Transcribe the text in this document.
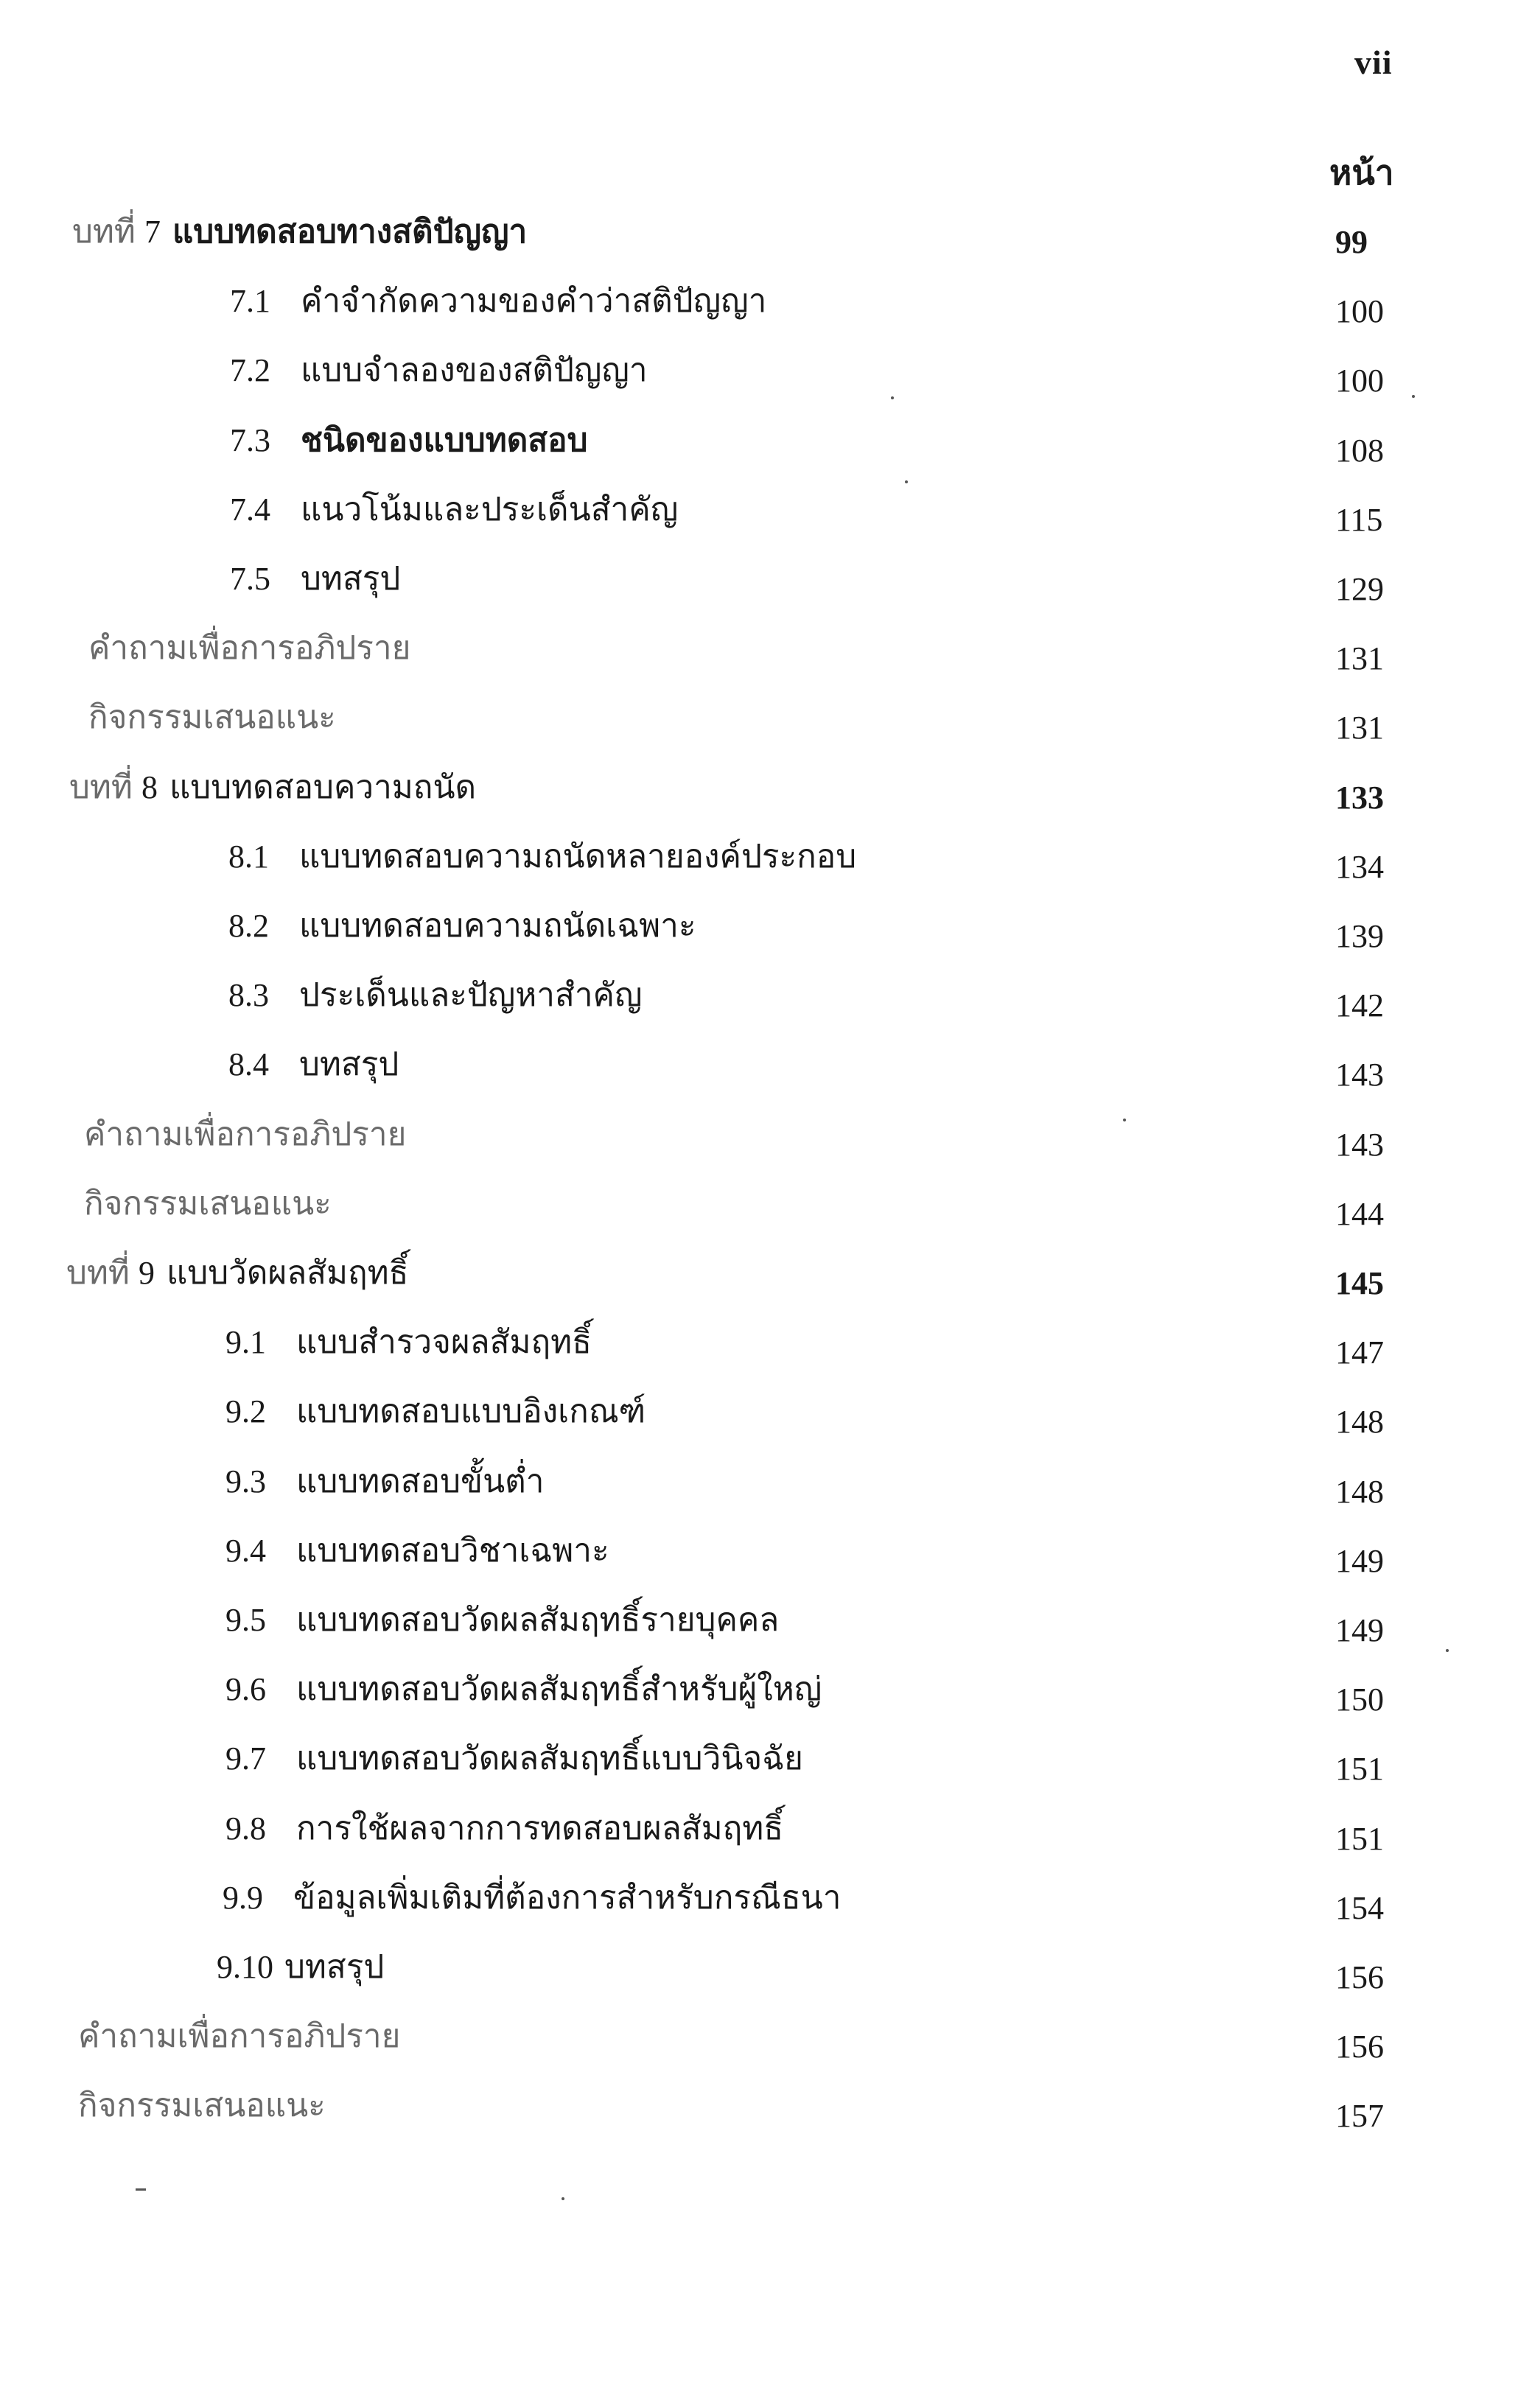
vii
หน้า
บทที่ 7 แบบทดสอบทางสติปัญญา	99
7.1 คำจำกัดความของคำว่าสติปัญญา	100
7.2 แบบจำลองของสติปัญญา	100
7.3 ชนิดของแบบทดสอบ	108
7.4 แนวโน้มและประเด็นสำคัญ	115
7.5 บทสรุป	129
คำถามเพื่อการอภิปราย	131
กิจกรรมเสนอแนะ	131
บทที่ 8 แบบทดสอบความถนัด	133
8.1 แบบทดสอบความถนัดหลายองค์ประกอบ	134
8.2 แบบทดสอบความถนัดเฉพาะ	139
8.3 ประเด็นและปัญหาสำคัญ	142
8.4 บทสรุป	143
คำถามเพื่อการอภิปราย	143
กิจกรรมเสนอแนะ	144
บทที่ 9 แบบวัดผลสัมฤทธิ์	145
9.1 แบบสำรวจผลสัมฤทธิ์	147
9.2 แบบทดสอบแบบอิงเกณฑ์	148
9.3 แบบทดสอบขั้นต่ำ	148
9.4 แบบทดสอบวิชาเฉพาะ	149
9.5 แบบทดสอบวัดผลสัมฤทธิ์รายบุคคล	149
9.6 แบบทดสอบวัดผลสัมฤทธิ์สำหรับผู้ใหญ่	150
9.7 แบบทดสอบวัดผลสัมฤทธิ์แบบวินิจฉัย	151
9.8 การใช้ผลจากการทดสอบผลสัมฤทธิ์	151
9.9 ข้อมูลเพิ่มเติมที่ต้องการสำหรับกรณีธนา	154
9.10 บทสรุป	156
คำถามเพื่อการอภิปราย	156
กิจกรรมเสนอแนะ	157
